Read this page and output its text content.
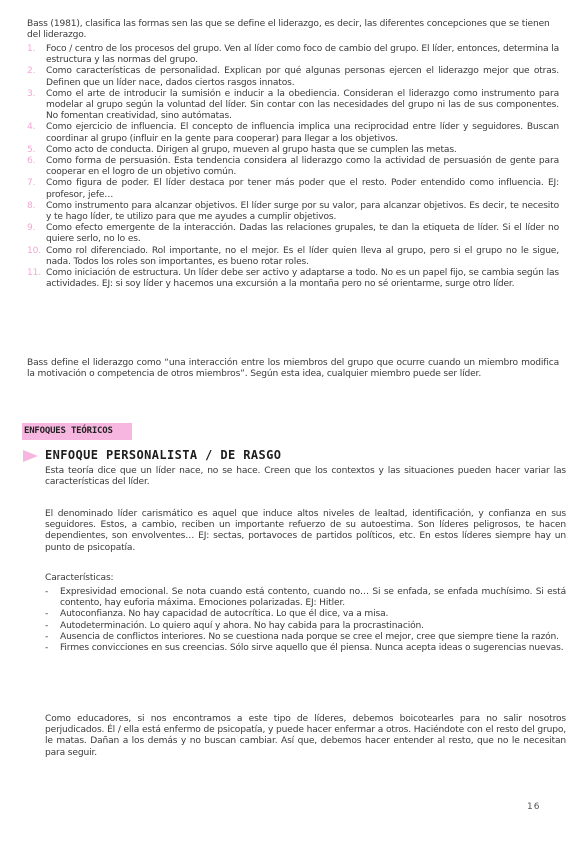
Bass (1981), clasifica las formas sen las que se define el liderazgo, es decir, las diferentes concepciones que se tienen del liderazgo.
1.	Foco / centro de los procesos del grupo. Ven al líder como foco de cambio del grupo. El líder, entonces, determina la estructura y las normas del grupo.
2.	Como características de personalidad. Explican por qué algunas personas ejercen el liderazgo mejor que otras. Definen que un líder nace, dados ciertos rasgos innatos.
3.	Como el arte de introducir la sumisión e inducir a la obediencia. Consideran el liderazgo como instrumento para modelar al grupo según la voluntad del líder. Sin contar con las necesidades del grupo ni las de sus componentes. No fomentan creatividad, sino autómatas.
4.	Como ejercicio de influencia. El concepto de influencia implica una reciprocidad entre líder y seguidores. Buscan coordinar al grupo (influir en la gente para cooperar) para llegar a los objetivos.
5.	Como acto de conducta. Dirigen al grupo, mueven al grupo hasta que se cumplen las metas.
6.	Como forma de persuasión. Esta tendencia considera al liderazgo como la actividad de persuasión de gente para cooperar en el logro de un objetivo común.
7.	Como figura de poder. El líder destaca por tener más poder que el resto. Poder entendido como influencia. EJ: profesor, jefe…
8.	Como instrumento para alcanzar objetivos. El líder surge por su valor, para alcanzar objetivos. Es decir, te necesito y te hago líder, te utilizo para que me ayudes a cumplir objetivos.
9.	Como efecto emergente de la interacción. Dadas las relaciones grupales, te dan la etiqueta de líder. Si el líder no quiere serlo, no lo es.
10. Como rol diferenciado. Rol importante, no el mejor. Es el líder quien lleva al grupo, pero si el grupo no le sigue, nada. Todos los roles son importantes, es bueno rotar roles.
11. Como iniciación de estructura. Un líder debe ser activo y adaptarse a todo. No es un papel fijo, se cambia según las actividades. EJ: si soy líder y hacemos una excursión a la montaña pero no sé orientarme, surge otro líder.
Bass define el liderazgo como “una interacción entre los miembros del grupo que ocurre cuando un miembro modifica la motivación o competencia de otros miembros”. Según esta idea, cualquier miembro puede ser líder.
ENFOQUES TEÓRICOS
ENFOQUE PERSONALISTA / DE RASGO

Esta teoría dice que un líder nace, no se hace. Creen que los contextos y las situaciones pueden hacer variar las características del líder.

El denominado líder carismático es aquel que induce altos niveles de lealtad, identificación, y confianza en sus seguidores. Estos, a cambio, reciben un importante refuerzo de su autoestima. Son líderes peligrosos, te hacen dependientes, son envolventes… EJ: sectas, portavoces de partidos políticos, etc. En estos líderes siempre hay un punto de psicopatía.

Características:

-	Expresividad emocional. Se nota cuando está contento, cuando no… Si se enfada, se enfada muchísimo. Si está contento, hay euforia máxima. Emociones polarizadas. EJ: Hitler.
-	Autoconfianza. No hay capacidad de autocrítica. Lo que él dice, va a misa.
-	Autodeterminación. Lo quiero aquí y ahora. No hay cabida para la procrastinación.
-	Ausencia de conflictos interiores. No se cuestiona nada porque se cree el mejor, cree que siempre tiene la razón.
-	Firmes convicciones en sus creencias. Sólo sirve aquello que él piensa. Nunca acepta ideas o sugerencias nuevas.

Como educadores, si nos encontramos a este tipo de líderes, debemos boicotearles para no salir nosotros perjudicados. Él / ella está enfermo de psicopatía, y puede hacer enfermar a otros. Haciéndote con el resto del grupo, le matas. Dañan a los demás y no buscan cambiar. Así que, debemos hacer entender al resto, que no le necesitan para seguir.

16
